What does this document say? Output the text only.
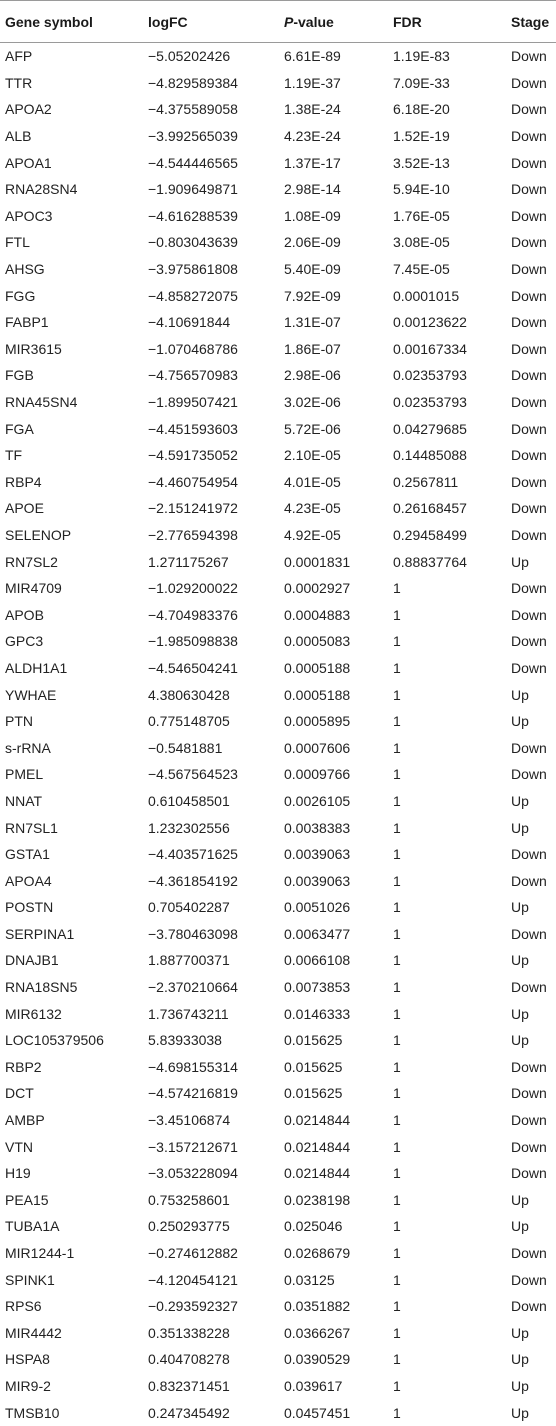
Gene symbol	logFC	P-value	FDR	Stage
AFP	−5.05202426	6.61E-89	1.19E-83	Down
TTR	−4.829589384	1.19E-37	7.09E-33	Down
APOA2	−4.375589058	1.38E-24	6.18E-20	Down
ALB	−3.992565039	4.23E-24	1.52E-19	Down
APOA1	−4.544446565	1.37E-17	3.52E-13	Down
RNA28SN4	−1.909649871	2.98E-14	5.94E-10	Down
APOC3	−4.616288539	1.08E-09	1.76E-05	Down
FTL	−0.803043639	2.06E-09	3.08E-05	Down
AHSG	−3.975861808	5.40E-09	7.45E-05	Down
FGG	−4.858272075	7.92E-09	0.0001015	Down
FABP1	−4.10691844	1.31E-07	0.00123622	Down
MIR3615	−1.070468786	1.86E-07	0.00167334	Down
FGB	−4.756570983	2.98E-06	0.02353793	Down
RNA45SN4	−1.899507421	3.02E-06	0.02353793	Down
FGA	−4.451593603	5.72E-06	0.04279685	Down
TF	−4.591735052	2.10E-05	0.14485088	Down
RBP4	−4.460754954	4.01E-05	0.2567811	Down
APOE	−2.151241972	4.23E-05	0.26168457	Down
SELENOP	−2.776594398	4.92E-05	0.29458499	Down
RN7SL2	1.271175267	0.0001831	0.88837764	Up
MIR4709	−1.029200022	0.0002927	1	Down
APOB	−4.704983376	0.0004883	1	Down
GPC3	−1.985098838	0.0005083	1	Down
ALDH1A1	−4.546504241	0.0005188	1	Down
YWHAE	4.380630428	0.0005188	1	Up
PTN	0.775148705	0.0005895	1	Up
s-rRNA	−0.5481881	0.0007606	1	Down
PMEL	−4.567564523	0.0009766	1	Down
NNAT	0.610458501	0.0026105	1	Up
RN7SL1	1.232302556	0.0038383	1	Up
GSTA1	−4.403571625	0.0039063	1	Down
APOA4	−4.361854192	0.0039063	1	Down
POSTN	0.705402287	0.0051026	1	Up
SERPINA1	−3.780463098	0.0063477	1	Down
DNAJB1	1.887700371	0.0066108	1	Up
RNA18SN5	−2.370210664	0.0073853	1	Down
MIR6132	1.736743211	0.0146333	1	Up
LOC105379506	5.83933038	0.015625	1	Up
RBP2	−4.698155314	0.015625	1	Down
DCT	−4.574216819	0.015625	1	Down
AMBP	−3.45106874	0.0214844	1	Down
VTN	−3.157212671	0.0214844	1	Down
H19	−3.053228094	0.0214844	1	Down
PEA15	0.753258601	0.0238198	1	Up
TUBA1A	0.250293775	0.025046	1	Up
MIR1244-1	−0.274612882	0.0268679	1	Down
SPINK1	−4.120454121	0.03125	1	Down
RPS6	−0.293592327	0.0351882	1	Down
MIR4442	0.351338228	0.0366267	1	Up
HSPA8	0.404708278	0.0390529	1	Up
MIR9-2	0.832371451	0.039617	1	Up
TMSB10	0.247345492	0.0457451	1	Up
